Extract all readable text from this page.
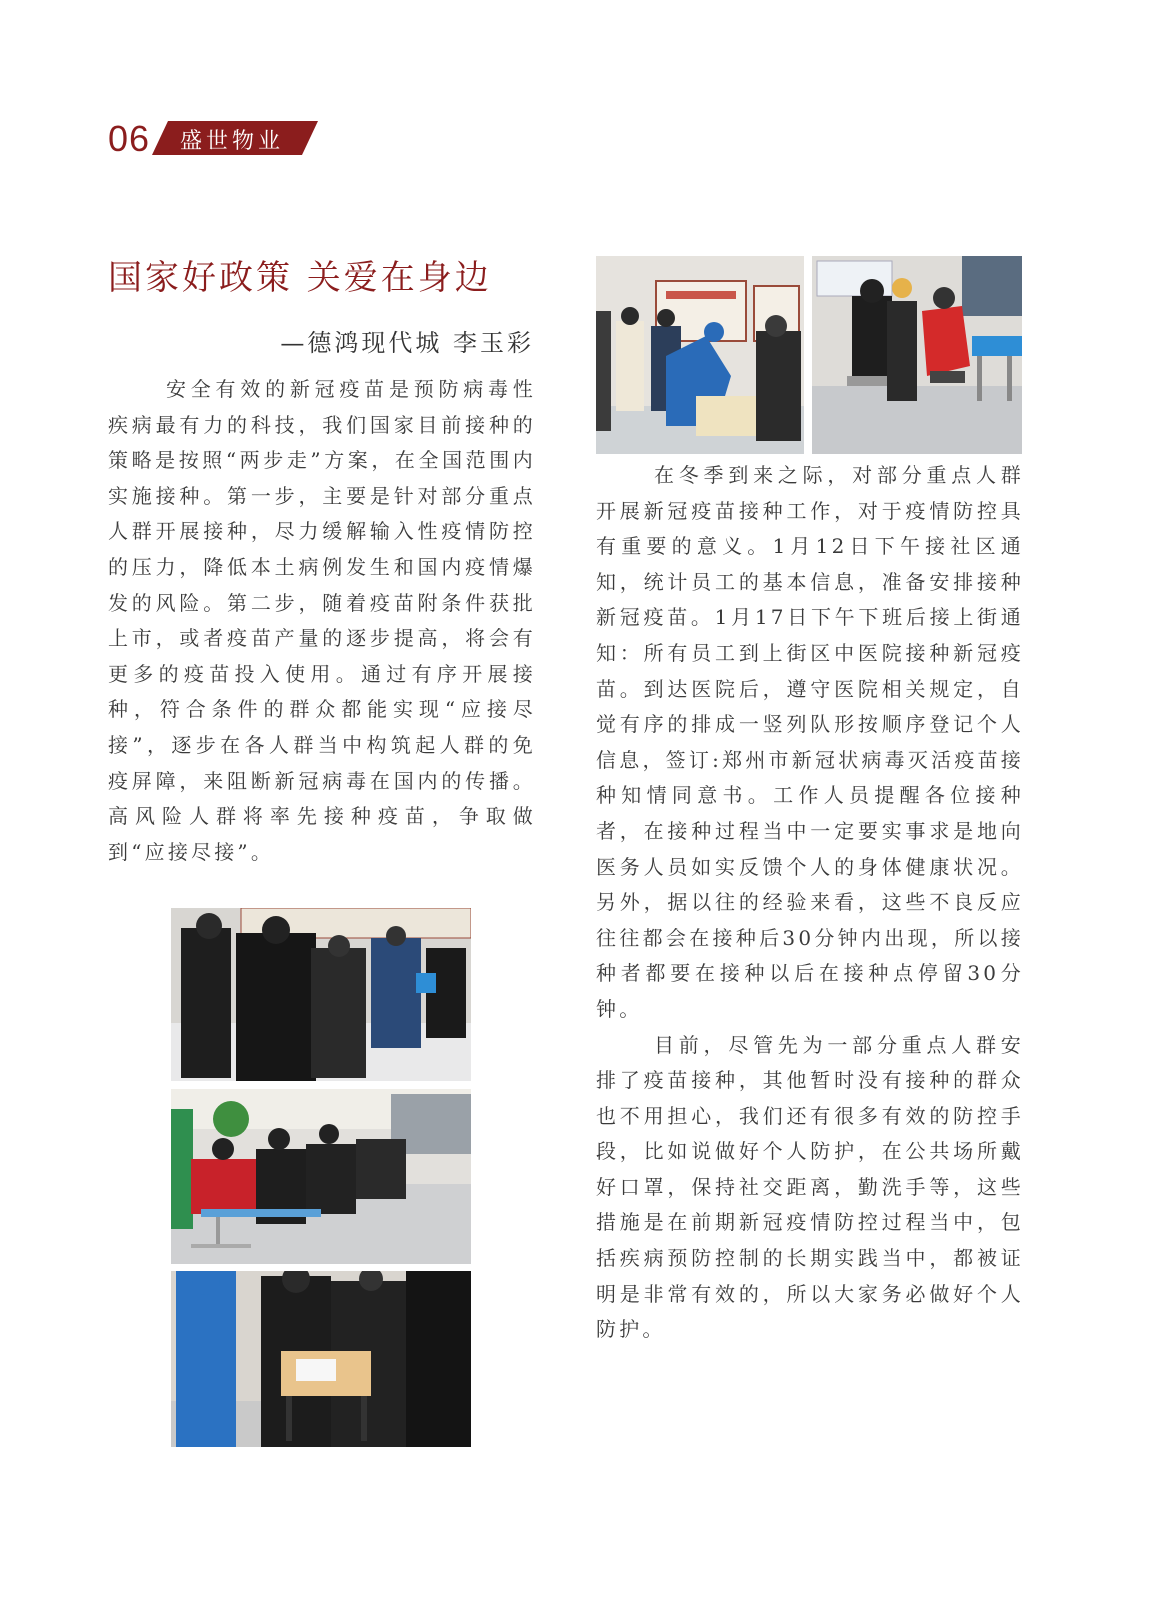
06 盛世物业
国家好政策 关爱在身边
—德鸿现代城 李玉彩

安全有效的新冠疫苗是预防病毒性疾病最有力的科技，我们国家目前接种的策略是按照“两步走”方案，在全国范围内实施接种。第一步，主要是针对部分重点人群开展接种，尽力缓解输入性疫情防控的压力，降低本土病例发生和国内疫情爆发的风险。第二步，随着疫苗附条件获批上市，或者疫苗产量的逐步提高，将会有更多的疫苗投入使用。通过有序开展接种，符合条件的群众都能实现“应接尽接”，逐步在各人群当中构筑起人群的免疫屏障，来阻断新冠病毒在国内的传播。高风险人群将率先接种疫苗，争取做到“应接尽接”。

在冬季到来之际，对部分重点人群开展新冠疫苗接种工作，对于疫情防控具有重要的意义。1月12日下午接社区通知，统计员工的基本信息，准备安排接种新冠疫苗。1月17日下午下班后接上街通知：所有员工到上街区中医院接种新冠疫苗。到达医院后，遵守医院相关规定，自觉有序的排成一竖列队形按顺序登记个人信息，签订:郑州市新冠状病毒灭活疫苗接种知情同意书。工作人员提醒各位接种者，在接种过程当中一定要实事求是地向医务人员如实反馈个人的身体健康状况。另外，据以往的经验来看，这些不良反应往往都会在接种后30分钟内出现，所以接种者都要在接种以后在接种点停留30分钟。

目前，尽管先为一部分重点人群安排了疫苗接种，其他暂时没有接种的群众也不用担心，我们还有很多有效的防控手段，比如说做好个人防护，在公共场所戴好口罩，保持社交距离，勤洗手等，这些措施是在前期新冠疫情防控过程当中，包括疾病预防控制的长期实践当中，都被证明是非常有效的，所以大家务必做好个人防护。
